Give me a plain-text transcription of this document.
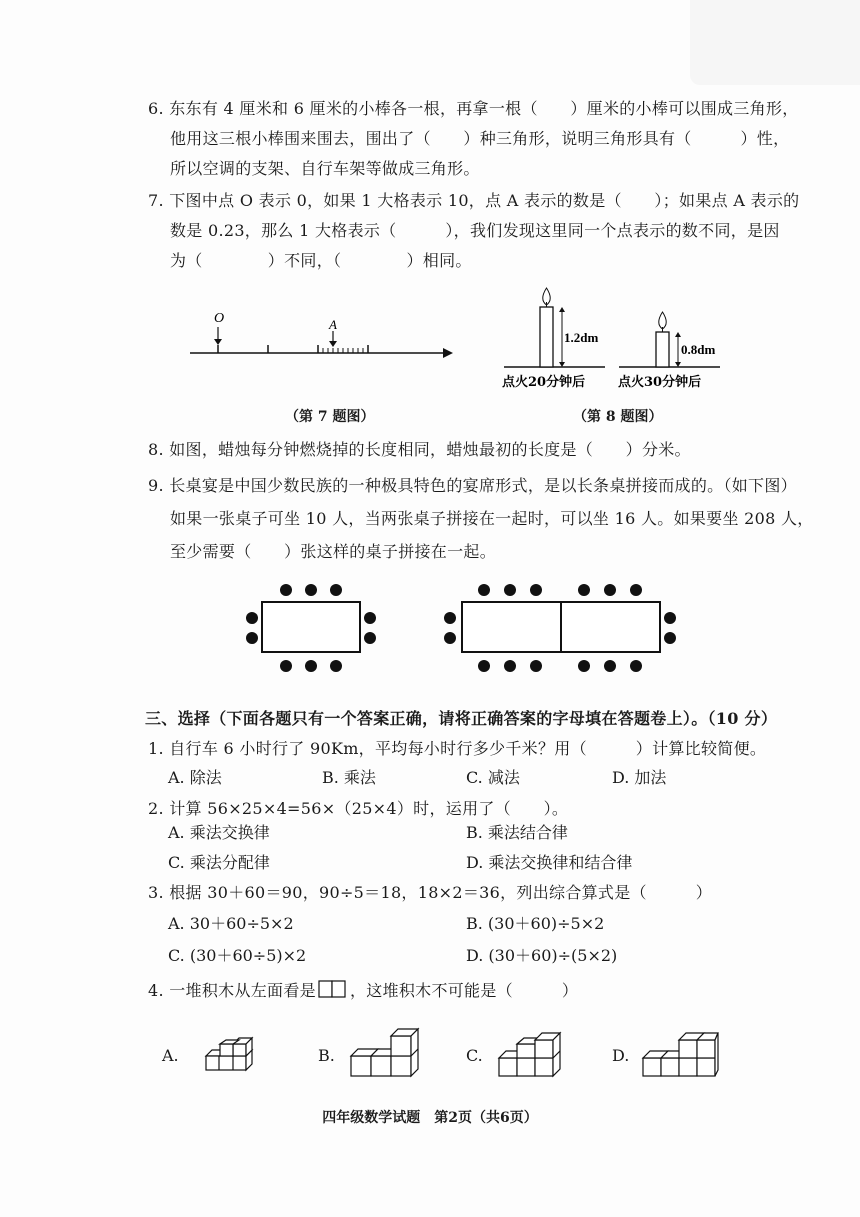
6. 东东有 4 厘米和 6 厘米的小棒各一根，再拿一根（　　）厘米的小棒可以围成三角形，
他用这三根小棒围来围去，围出了（　　）种三角形，说明三角形具有（　　　）性，
所以空调的支架、自行车架等做成三角形。
7. 下图中点 O 表示 0，如果 1 大格表示 10，点 A 表示的数是（　　）；如果点 A 表示的
数是 0.23，那么 1 大格表示（　　　），我们发现这里同一个点表示的数不同，是因
为（　　　　）不同，（　　　　）相同。
O	A
（第 7 题图）
1.2dm
点火20分钟后
0.8dm
点火30分钟后
（第 8 题图）
8. 如图，蜡烛每分钟燃烧掉的长度相同，蜡烛最初的长度是（　　）分米。
9. 长桌宴是中国少数民族的一种极具特色的宴席形式，是以长条桌拼接而成的。（如下图）
如果一张桌子可坐 10 人，当两张桌子拼接在一起时，可以坐 16 人。如果要坐 208 人，
至少需要（　　）张这样的桌子拼接在一起。
三、选择（下面各题只有一个答案正确，请将正确答案的字母填在答题卷上）。（10 分）
1. 自行车 6 小时行了 90Km，平均每小时行多少千米？用（　　　）计算比较简便。
A. 除法	B. 乘法	C. 减法	D. 加法
2. 计算 56×25×4=56×（25×4）时，运用了（　　）。
A. 乘法交换律	B. 乘法结合律
C. 乘法分配律	D. 乘法交换律和结合律
3. 根据 30＋60＝90，90÷5＝18，18×2＝36，列出综合算式是（　　　）
A. 30＋60÷5×2	B. (30＋60)÷5×2
C. (30＋60÷5)×2	D. (30＋60)÷(5×2)
4. 一堆积木从左面看是 ，这堆积木不可能是（　　　）
A.	B.	C.	D.
四年级数学试题　第2页（共6页）
